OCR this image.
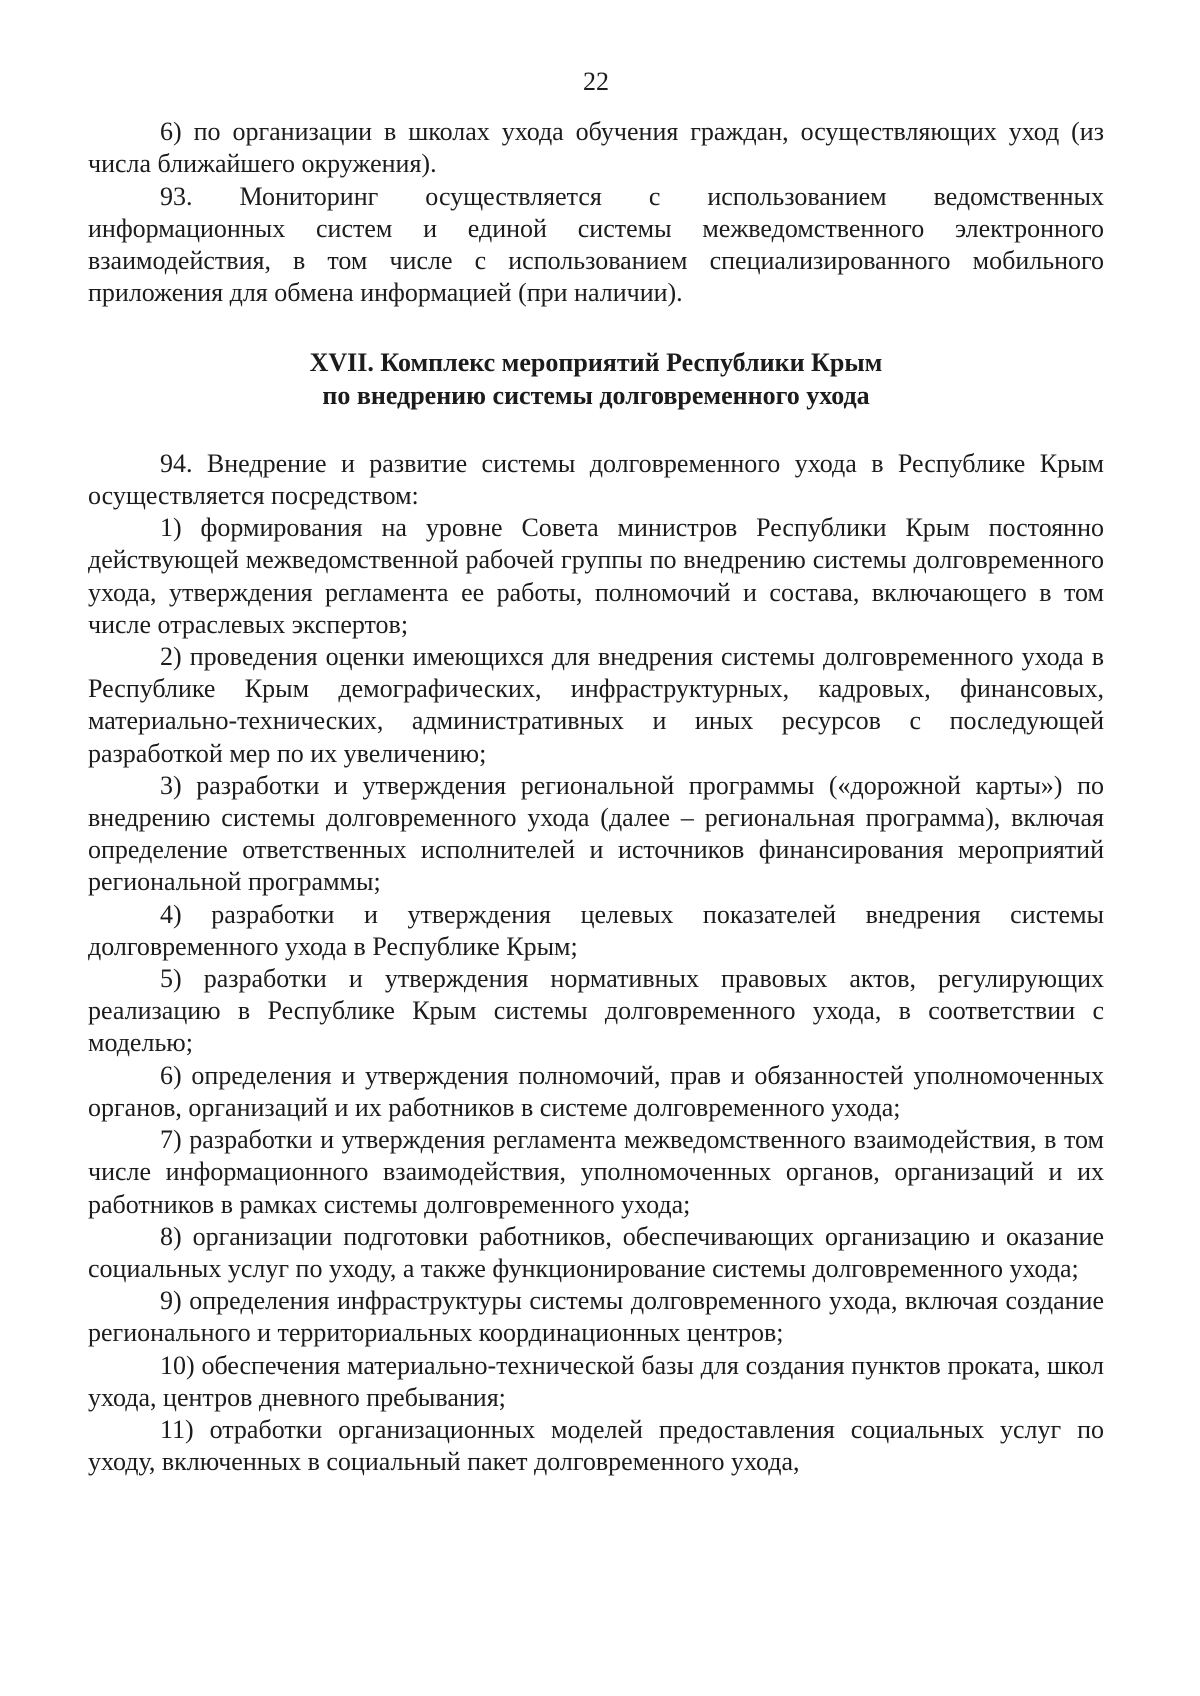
22

6) по организации в школах ухода обучения граждан, осуществляющих уход (из числа ближайшего окружения).

93. Мониторинг осуществляется с использованием ведомственных информационных систем и единой системы межведомственного электронного взаимодействия, в том числе с использованием специализированного мобильного приложения для обмена информацией (при наличии).

XVII. Комплекс мероприятий Республики Крым
по внедрению системы долговременного ухода

94. Внедрение и развитие системы долговременного ухода в Республике Крым осуществляется посредством:

1) формирования на уровне Совета министров Республики Крым постоянно действующей межведомственной рабочей группы по внедрению системы долговременного ухода, утверждения регламента ее работы, полномочий и состава, включающего в том числе отраслевых экспертов;

2) проведения оценки имеющихся для внедрения системы долговременного ухода в Республике Крым демографических, инфраструктурных, кадровых, финансовых, материально-технических, административных и иных ресурсов с последующей разработкой мер по их увеличению;

3) разработки и утверждения региональной программы («дорожной карты») по внедрению системы долговременного ухода (далее – региональная программа), включая определение ответственных исполнителей и источников финансирования мероприятий региональной программы;

4) разработки и утверждения целевых показателей внедрения системы долговременного ухода в Республике Крым;

5) разработки и утверждения нормативных правовых актов, регулирующих реализацию в Республике Крым системы долговременного ухода, в соответствии с моделью;

6) определения и утверждения полномочий, прав и обязанностей уполномоченных органов, организаций и их работников в системе долговременного ухода;

7) разработки и утверждения регламента межведомственного взаимодействия, в том числе информационного взаимодействия, уполномоченных органов, организаций и их работников в рамках системы долговременного ухода;

8) организации подготовки работников, обеспечивающих организацию и оказание социальных услуг по уходу, а также функционирование системы долговременного ухода;

9) определения инфраструктуры системы долговременного ухода, включая создание регионального и территориальных координационных центров;

10) обеспечения материально-технической базы для создания пунктов проката, школ ухода, центров дневного пребывания;

11) отработки организационных моделей предоставления социальных услуг по уходу, включенных в социальный пакет долговременного ухода,
